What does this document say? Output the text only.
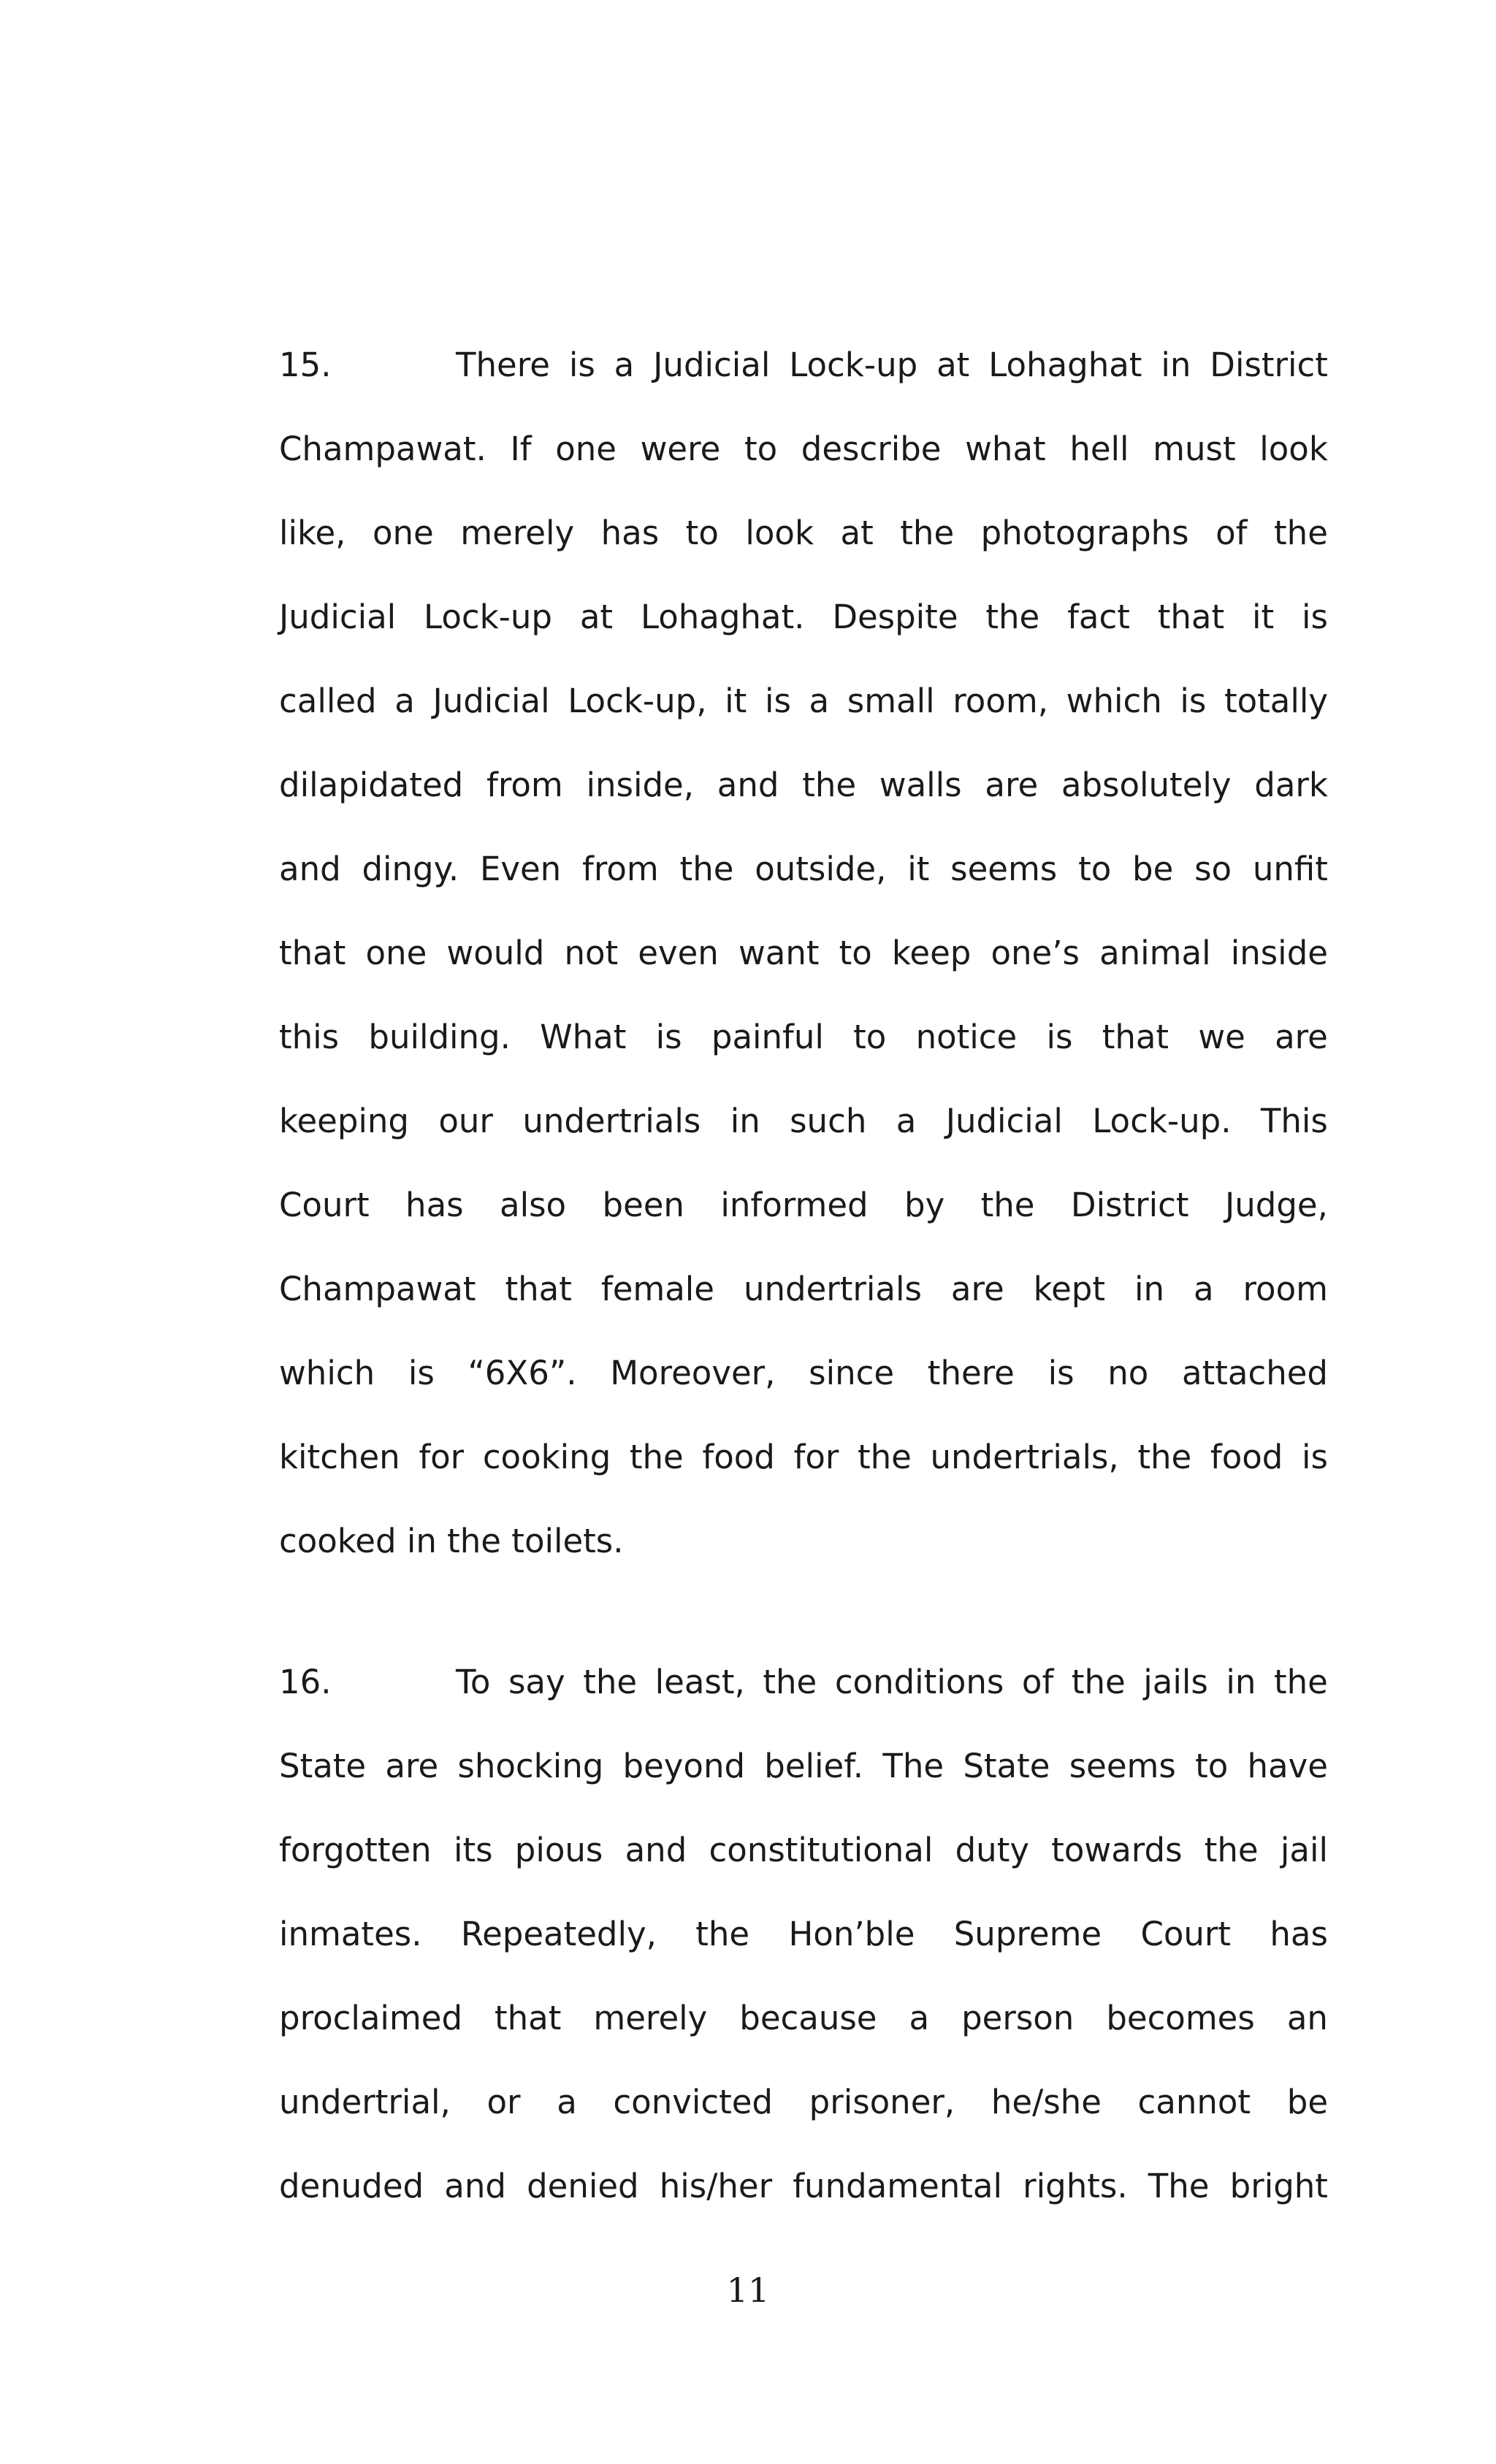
15.	There is a Judicial Lock-up at Lohaghat in District
Champawat. If one were to describe what hell must look
like, one merely has to look at the photographs of the
Judicial Lock-up at Lohaghat. Despite the fact that it is
called a Judicial Lock-up, it is a small room, which is totally
dilapidated from inside, and the walls are absolutely dark
and dingy. Even from the outside, it seems to be so unfit
that one would not even want to keep one’s animal inside
this building. What is painful to notice is that we are
keeping our undertrials in such a Judicial Lock-up. This
Court has also been informed by the District Judge,
Champawat that female undertrials are kept in a room
which is “6X6”. Moreover, since there is no attached
kitchen for cooking the food for the undertrials, the food is
cooked in the toilets.
16.	To say the least, the conditions of the jails in the
State are shocking beyond belief. The State seems to have
forgotten its pious and constitutional duty towards the jail
inmates. Repeatedly, the Hon’ble Supreme Court has
proclaimed that merely because a person becomes an
undertrial, or a convicted prisoner, he/she cannot be
denuded and denied his/her fundamental rights. The bright
11
